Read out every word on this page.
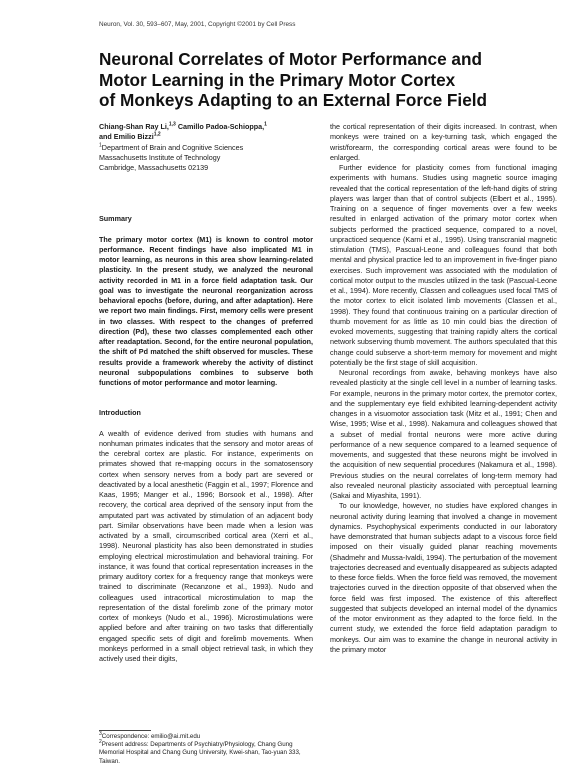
Neuron, Vol. 30, 593–607, May, 2001, Copyright ©2001 by Cell Press
Neuronal Correlates of Motor Performance and
Motor Learning in the Primary Motor Cortex
of Monkeys Adapting to an External Force Field
Chiang-Shan Ray Li,$^{1,3}$ Camillo Padoa-Schioppa,$^1$
and Emilio Bizzi$^{1,2}$
$^1$Department of Brain and Cognitive Sciences
Massachusetts Institute of Technology
Cambridge, Massachusetts 02139
Summary

The primary motor cortex (M1) is known to control motor performance. Recent findings have also implicated M1 in motor learning, as neurons in this area show learning-related plasticity. In the present study, we analyzed the neuronal activity recorded in M1 in a force field adaptation task. Our goal was to investigate the neuronal reorganization across behavioral epochs (before, during, and after adaptation). Here we report two main findings. First, memory cells were present in two classes. With respect to the changes of preferred direction (Pd), these two classes complemented each other after readaptation. Second, for the entire neuronal population, the shift of Pd matched the shift observed for muscles. These results provide a framework whereby the activity of distinct neuronal subpopulations combines to subserve both functions of motor performance and motor learning.

Introduction

A wealth of evidence derived from studies with humans and nonhuman primates indicates that the sensory and motor areas of the cerebral cortex are plastic. For instance, experiments on primates showed that re-mapping occurs in the somatosensory cortex when sensory nerves from a body part are severed or deactivated by a local anesthetic (Faggin et al., 1997; Florence and Kaas, 1995; Manger et al., 1996; Borsook et al., 1998). After recovery, the cortical area deprived of the sensory input from the amputated part was activated by stimulation of an adjacent body part. Similar observations have been made when a lesion was activated by a small, circumscribed cortical area (Xerri et al., 1998). Neuronal plasticity has also been demonstrated in studies employing electrical microstimulation and behavioral training. For instance, it was found that cortical representation increases in the primary auditory cortex for a frequency range that monkeys were trained to discriminate (Recanzone et al., 1993). Nudo and colleagues used intracortical microstimulation to map the representation of the distal forelimb zone of the primary motor cortex of monkeys (Nudo et al., 1996). Microstimulations were applied before and after training on two tasks that differentially engaged specific sets of digit and forelimb movements. When monkeys performed in a small object retrieval task, in which they actively used their digits,

$^3$Correspondence: emilio@ai.mit.edu
$^2$Present address: Departments of Psychiatry/Physiology, Chang Gung Memorial Hospital and Chang Gung University, Kwei-shan, Tao-yuan 333, Taiwan.

the cortical representation of their digits increased. In contrast, when monkeys were trained on a key-turning task, which engaged the wrist/forearm, the corresponding cortical areas were found to be enlarged.

Further evidence for plasticity comes from functional imaging experiments with humans. Studies using magnetic source imaging revealed that the cortical representation of the left-hand digits of string players was larger than that of control subjects (Elbert et al., 1995). Training on a sequence of finger movements over a few weeks resulted in enlarged activation of the primary motor cortex when subjects performed the practiced sequence, compared to a novel, unpracticed sequence (Karni et al., 1995). Using transcranial magnetic stimulation (TMS), Pascual-Leone and colleagues found that both mental and physical practice led to an improvement in five-finger piano exercises. Such improvement was associated with the modulation of cortical motor output to the muscles utilized in the task (Pascual-Leone et al., 1994). More recently, Classen and colleagues used focal TMS of the motor cortex to elicit isolated limb movements (Classen et al., 1998). They found that continuous training on a particular direction of thumb movement for as little as 10 min could bias the direction of evoked movements, suggesting that training rapidly alters the cortical network subserving thumb movement. The authors speculated that this change could subserve a short-term memory for movement and might potentially be the first stage of skill acquisition.

Neuronal recordings from awake, behaving monkeys have also revealed plasticity at the single cell level in a number of learning tasks. For example, neurons in the primary motor cortex, the premotor cortex, and the supplementary eye field exhibited learning-dependent activity changes in a visuomotor association task (Mitz et al., 1991; Chen and Wise, 1995; Wise et al., 1998). Nakamura and colleagues showed that a subset of medial frontal neurons were more active during performance of a new sequence compared to a learned sequence of movements, and suggested that these neurons might be involved in the acquisition of new sequential procedures (Nakamura et al., 1998). Previous studies on the neural correlates of long-term memory had also revealed neuronal plasticity associated with perceptual learning (Sakai and Miyashita, 1991).

To our knowledge, however, no studies have explored changes in neuronal activity during learning that involved a change in movement dynamics. Psychophysical experiments conducted in our laboratory have demonstrated that human subjects adapt to a viscous force field imposed on their visually guided planar reaching movements (Shadmehr and Mussa-Ivaldi, 1994). The perturbation of the movement trajectories decreased and eventually disappeared as subjects adapted to these force fields. When the force field was removed, the movement trajectories curved in the direction opposite of that observed when the force field was first imposed. The existence of this aftereffect suggested that subjects developed an internal model of the dynamics of the motor environment as they adapted to the force field. In the current study, we extended the force field adaptation paradigm to monkeys. Our aim was to examine the change in neuronal activity in the primary motor
